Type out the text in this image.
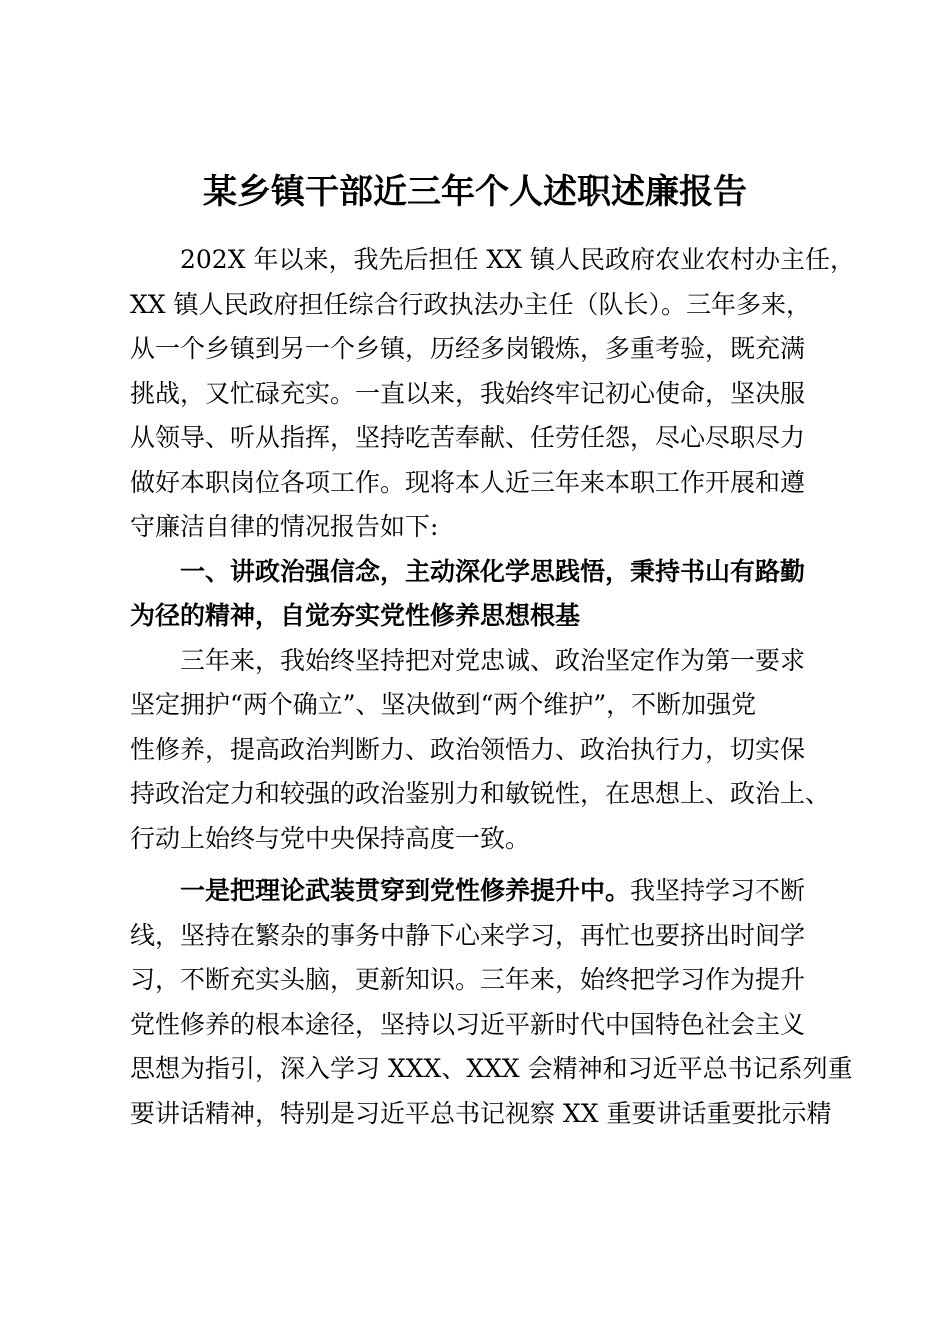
某乡镇干部近三年个人述职述廉报告
202X 年以来，我先后担任 XX 镇人民政府农业农村办主任，
XX 镇人民政府担任综合行政执法办主任（队长）。三年多来，
从一个乡镇到另一个乡镇，历经多岗锻炼，多重考验，既充满
挑战，又忙碌充实。一直以来，我始终牢记初心使命，坚决服
从领导、听从指挥，坚持吃苦奉献、任劳任怨，尽心尽职尽力
做好本职岗位各项工作。现将本人近三年来本职工作开展和遵
守廉洁自律的情况报告如下:
一、讲政治强信念，主动深化学思践悟，秉持书山有路勤
为径的精神，自觉夯实党性修养思想根基
三年来，我始终坚持把对党忠诚、政治坚定作为第一要求
坚定拥护“两个确立”、坚决做到“两个维护”，不断加强党
性修养，提高政治判断力、政治领悟力、政治执行力，切实保
持政治定力和较强的政治鉴别力和敏锐性，在思想上、政治上、
行动上始终与党中央保持高度一致。
一是把理论武装贯穿到党性修养提升中。我坚持学习不断
线，坚持在繁杂的事务中静下心来学习，再忙也要挤出时间学
习，不断充实头脑，更新知识。三年来，始终把学习作为提升
党性修养的根本途径，坚持以习近平新时代中国特色社会主义
思想为指引，深入学习 XXX、XXX 会精神和习近平总书记系列重
要讲话精神，特别是习近平总书记视察 XX 重要讲话重要批示精
